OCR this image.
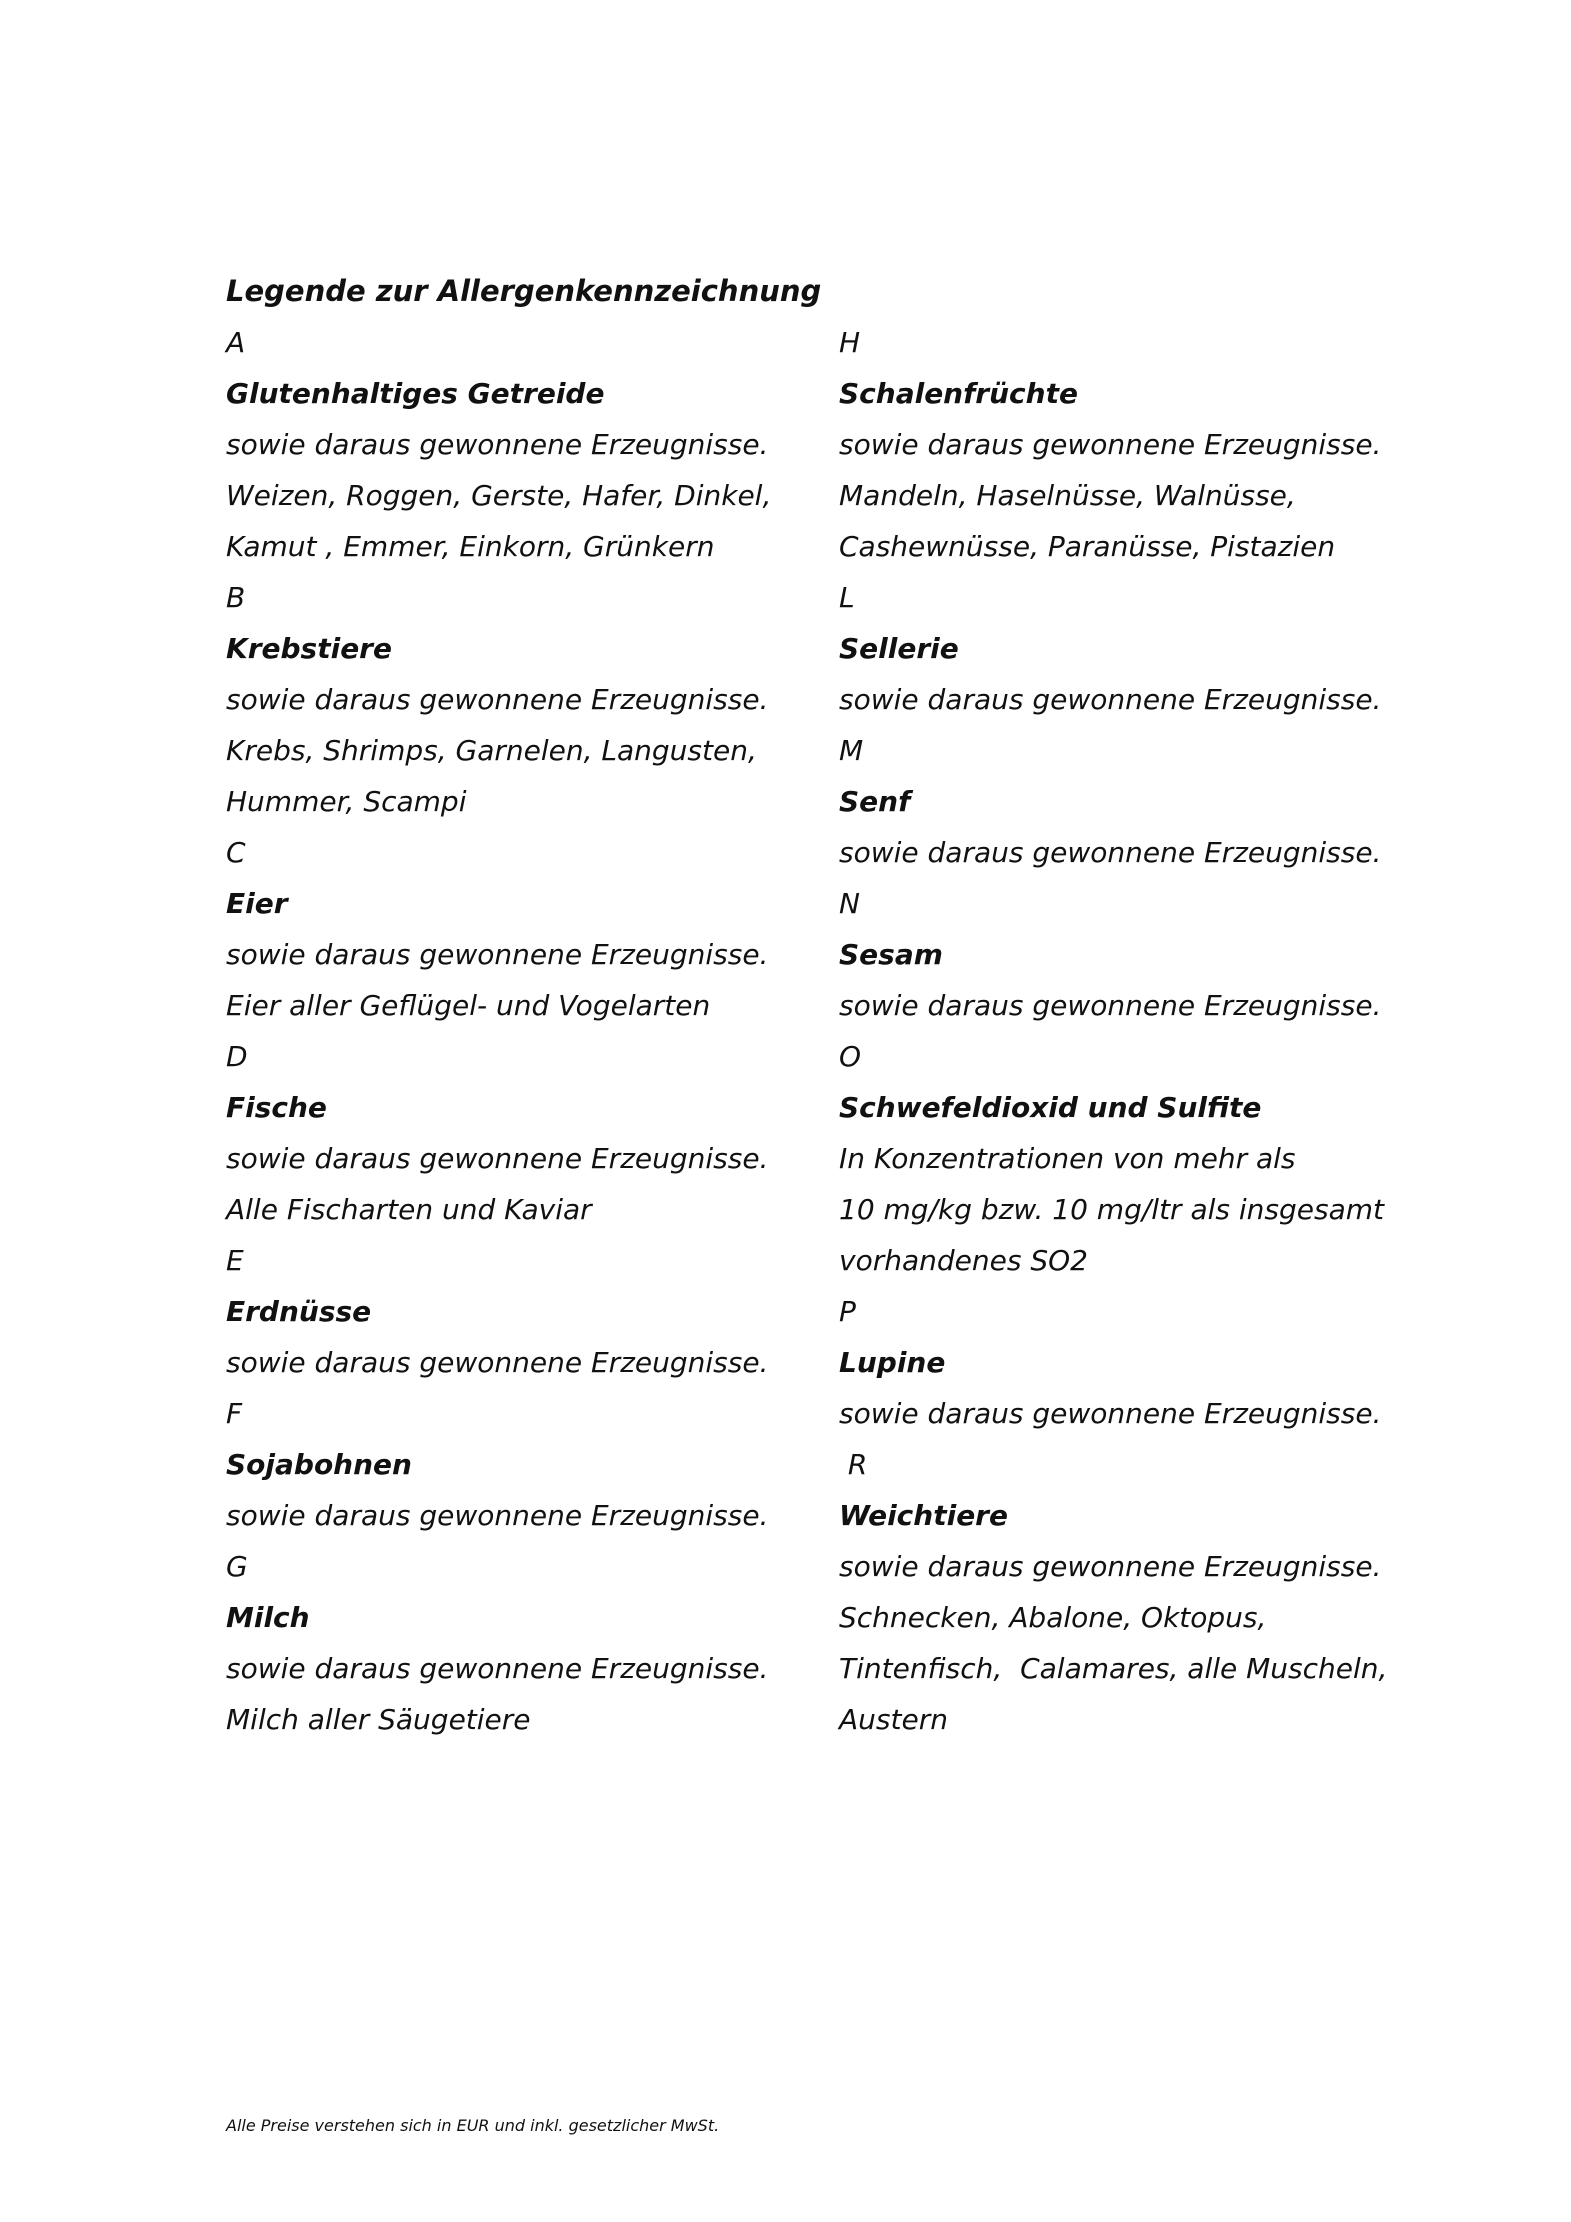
Legende zur Allergenkennzeichnung
A
Glutenhaltiges Getreide
sowie daraus gewonnene Erzeugnisse.
Weizen, Roggen, Gerste, Hafer, Dinkel,
Kamut , Emmer, Einkorn, Grünkern
B
Krebstiere
sowie daraus gewonnene Erzeugnisse.
Krebs, Shrimps, Garnelen, Langusten,
Hummer, Scampi
C
Eier
sowie daraus gewonnene Erzeugnisse.
Eier aller Geflügel- und Vogelarten
D
Fische
sowie daraus gewonnene Erzeugnisse.
Alle Fischarten und Kaviar
E
Erdnüsse
sowie daraus gewonnene Erzeugnisse.
F
Sojabohnen
sowie daraus gewonnene Erzeugnisse.
G
Milch
sowie daraus gewonnene Erzeugnisse.
Milch aller Säugetiere
H
Schalenfrüchte
sowie daraus gewonnene Erzeugnisse.
Mandeln, Haselnüsse, Walnüsse,
Cashewnüsse, Paranüsse, Pistazien
L
Sellerie
sowie daraus gewonnene Erzeugnisse.
M
Senf
sowie daraus gewonnene Erzeugnisse.
N
Sesam
sowie daraus gewonnene Erzeugnisse.
O
Schwefeldioxid und Sulfite
In Konzentrationen von mehr als
10 mg/kg bzw. 10 mg/ltr als insgesamt
vorhandenes SO2
P
Lupine
sowie daraus gewonnene Erzeugnisse.
R
Weichtiere
sowie daraus gewonnene Erzeugnisse.
Schnecken, Abalone, Oktopus,
Tintenfisch,  Calamares, alle Muscheln,
Austern

Alle Preise verstehen sich in EUR und inkl. gesetzlicher MwSt.
